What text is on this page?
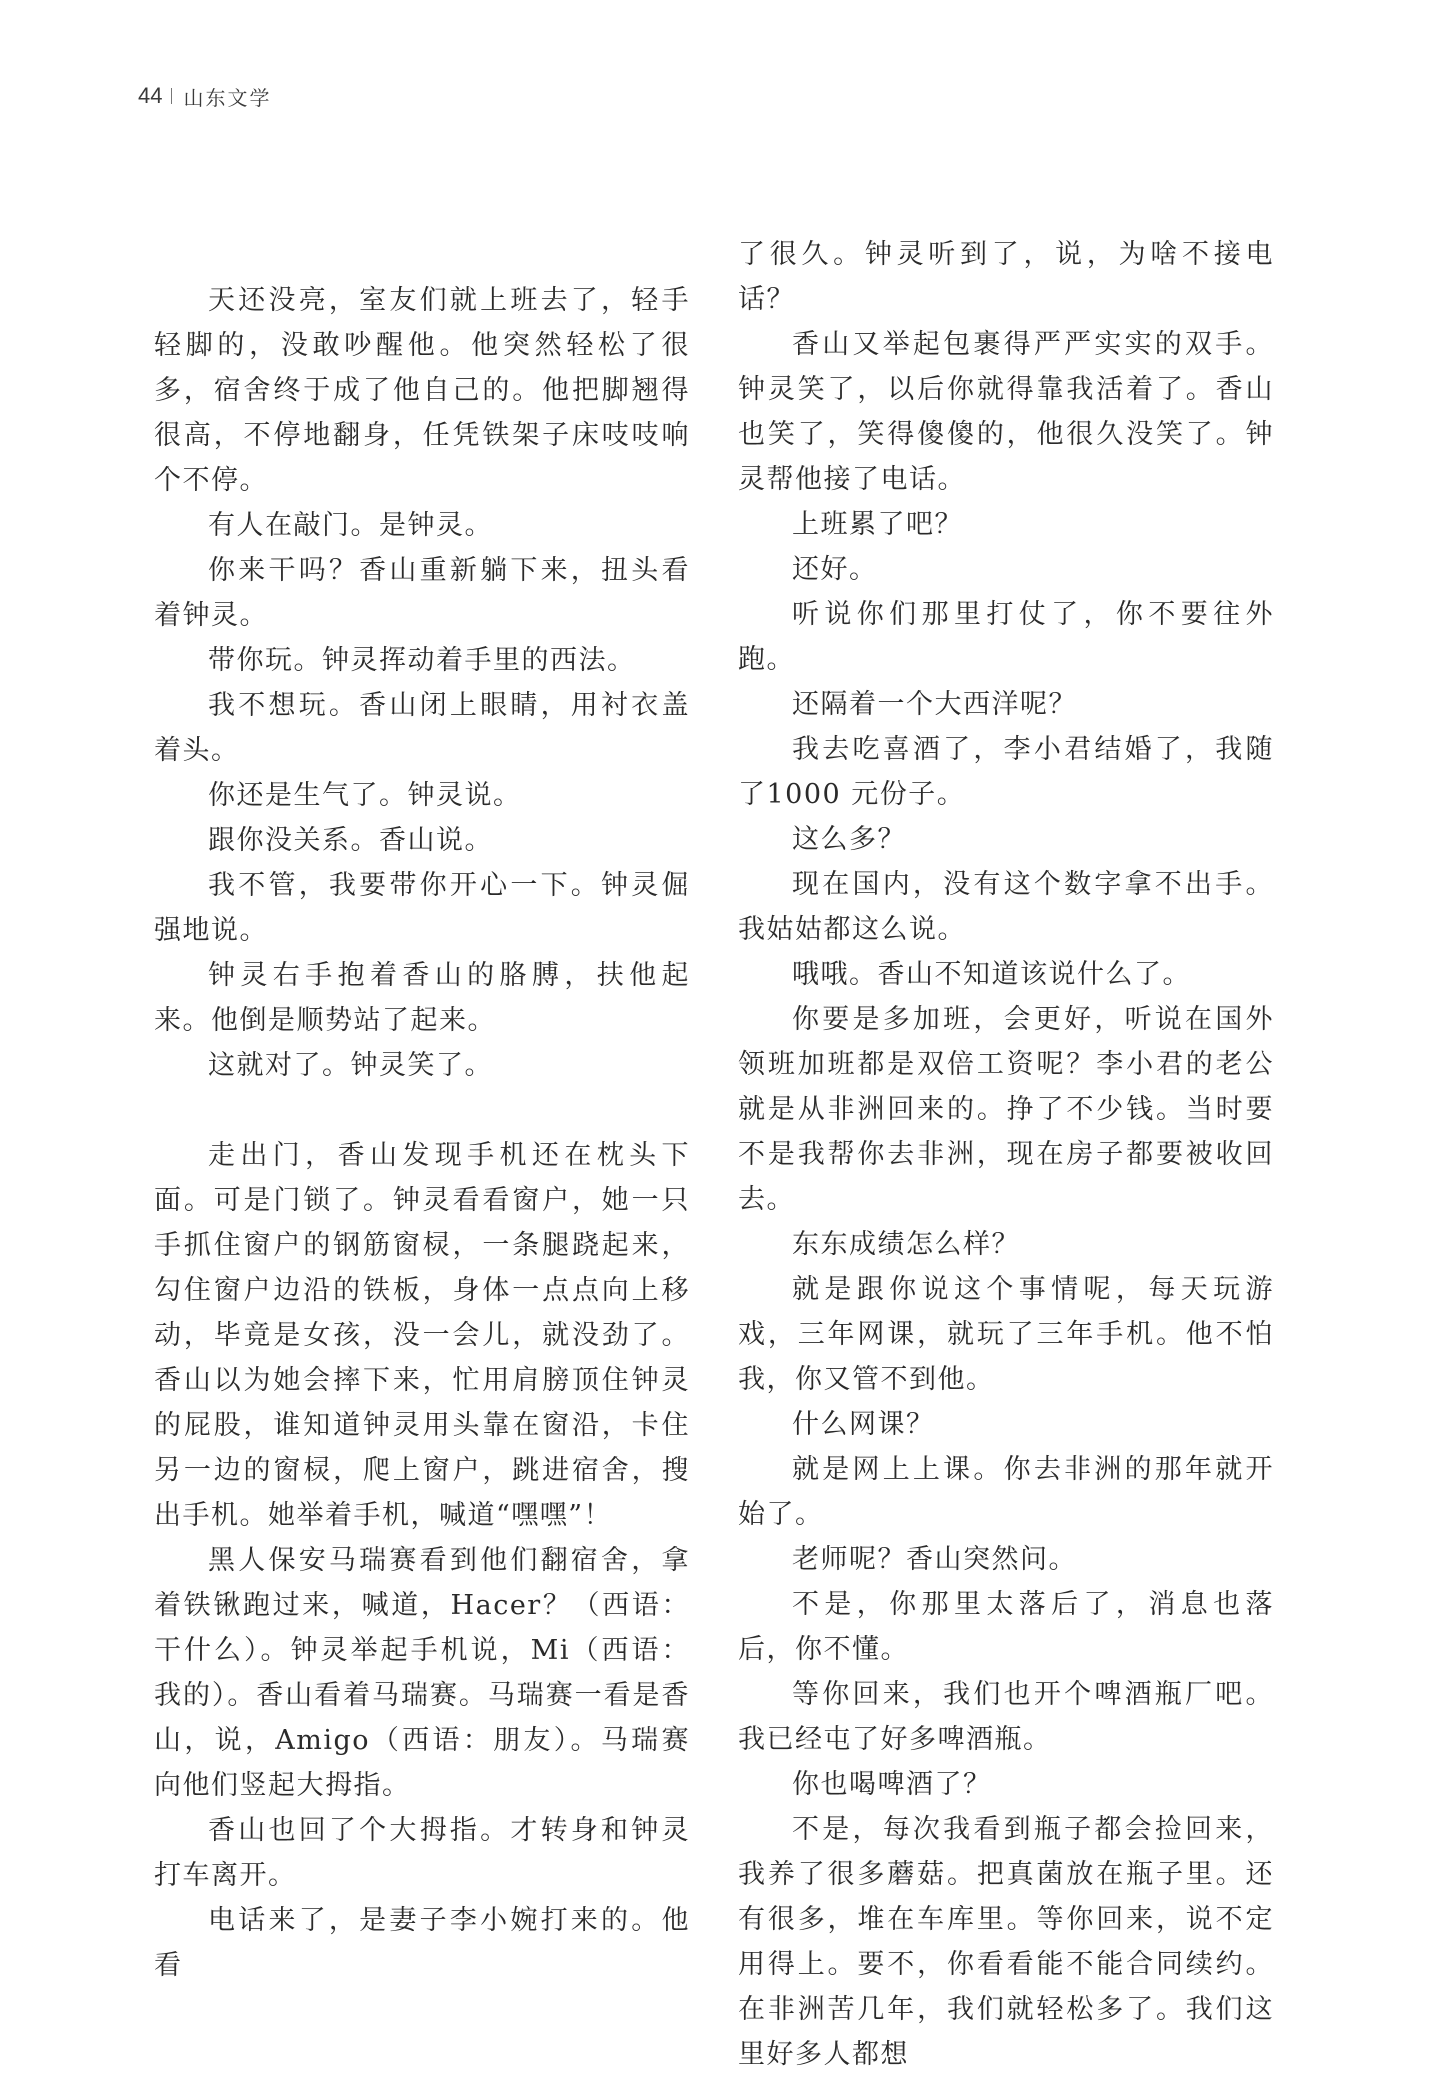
44 山东文学

天还没亮，室友们就上班去了，轻手轻脚的，没敢吵醒他。他突然轻松了很多，宿舍终于成了他自己的。他把脚翘得很高，不停地翻身，任凭铁架子床吱吱响个不停。

有人在敲门。是钟灵。

你来干吗？香山重新躺下来，扭头看着钟灵。

带你玩。钟灵挥动着手里的西法。

我不想玩。香山闭上眼睛，用衬衣盖着头。

你还是生气了。钟灵说。

跟你没关系。香山说。

我不管，我要带你开心一下。钟灵倔强地说。

钟灵右手抱着香山的胳膊，扶他起来。他倒是顺势站了起来。

这就对了。钟灵笑了。

走出门，香山发现手机还在枕头下面。可是门锁了。钟灵看看窗户，她一只手抓住窗户的钢筋窗棂，一条腿跷起来，勾住窗户边沿的铁板，身体一点点向上移动，毕竟是女孩，没一会儿，就没劲了。香山以为她会摔下来，忙用肩膀顶住钟灵的屁股，谁知道钟灵用头靠在窗沿，卡住另一边的窗棂，爬上窗户，跳进宿舍，搜出手机。她举着手机，喊道“嘿嘿”！

黑人保安马瑞赛看到他们翻宿舍，拿着铁锹跑过来，喊道，Hacer？（西语：干什么）。钟灵举起手机说，Mi（西语：我的）。香山看着马瑞赛。马瑞赛一看是香山，说，Amigo（西语：朋友）。马瑞赛向他们竖起大拇指。

香山也回了个大拇指。才转身和钟灵打车离开。

电话来了，是妻子李小婉打来的。他看

了很久。钟灵听到了，说，为啥不接电话？

香山又举起包裹得严严实实的双手。钟灵笑了，以后你就得靠我活着了。香山也笑了，笑得傻傻的，他很久没笑了。钟灵帮他接了电话。

上班累了吧？

还好。

听说你们那里打仗了，你不要往外跑。

还隔着一个大西洋呢？

我去吃喜酒了，李小君结婚了，我随了1000 元份子。

这么多？

现在国内，没有这个数字拿不出手。我姑姑都这么说。

哦哦。香山不知道该说什么了。

你要是多加班，会更好，听说在国外领班加班都是双倍工资呢？李小君的老公就是从非洲回来的。挣了不少钱。当时要不是我帮你去非洲，现在房子都要被收回去。

东东成绩怎么样？

就是跟你说这个事情呢，每天玩游戏，三年网课，就玩了三年手机。他不怕我，你又管不到他。

什么网课？

就是网上上课。你去非洲的那年就开始了。

老师呢？香山突然问。

不是，你那里太落后了，消息也落后，你不懂。

等你回来，我们也开个啤酒瓶厂吧。我已经屯了好多啤酒瓶。

你也喝啤酒了？

不是，每次我看到瓶子都会捡回来，我养了很多蘑菇。把真菌放在瓶子里。还有很多，堆在车库里。等你回来，说不定用得上。要不，你看看能不能合同续约。在非洲苦几年，我们就轻松多了。我们这里好多人都想
